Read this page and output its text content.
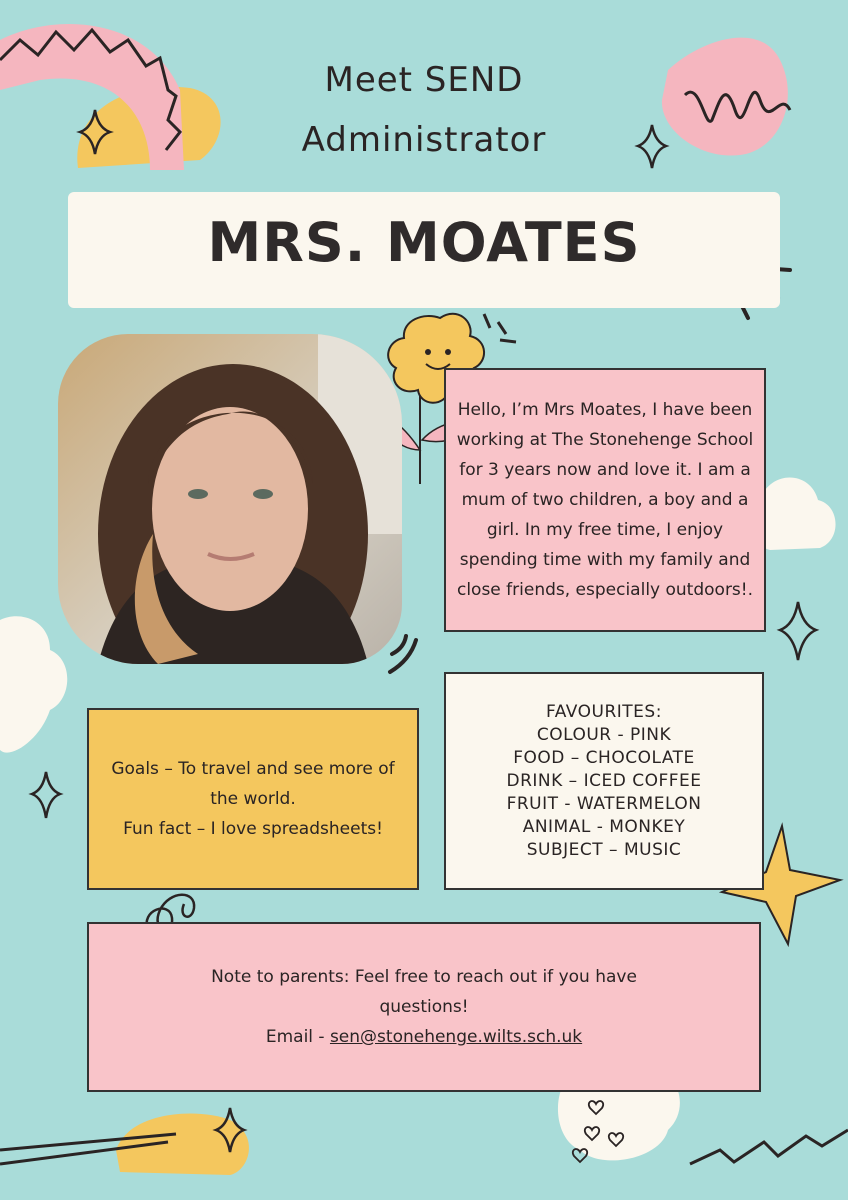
Meet SEND
Administrator
MRS. MOATES
Hello, I’m Mrs Moates, I have been working at The Stonehenge School for 3 years now and love it. I am a mum of two children, a boy and a girl. In my free time, I enjoy spending time with my family and close friends, especially outdoors!.
Goals – To travel and see more of the world.
Fun fact – I love spreadsheets!
FAVOURITES:
COLOUR - PINK
FOOD – CHOCOLATE
DRINK – ICED COFFEE
FRUIT - WATERMELON
ANIMAL - MONKEY
SUBJECT – MUSIC
Note to parents: Feel free to reach out if you have questions!
Email - sen@stonehenge.wilts.sch.uk
